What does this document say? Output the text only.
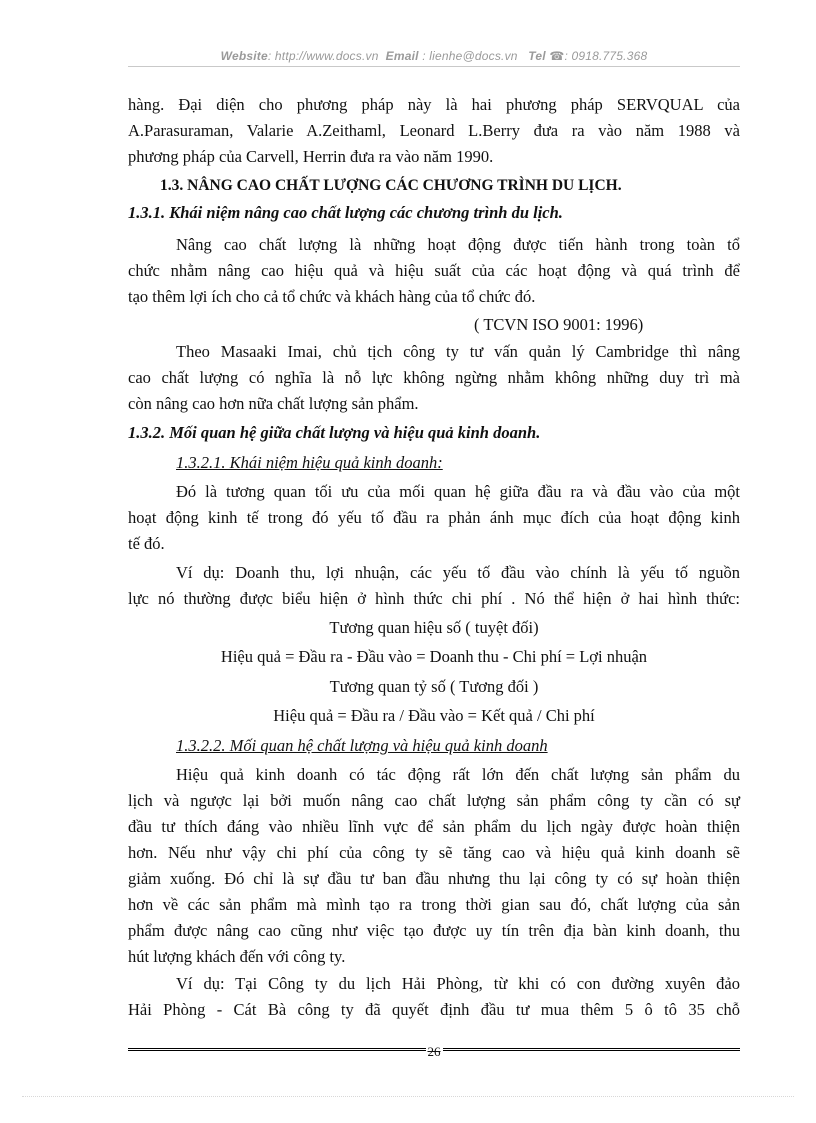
Website: http://www.docs.vn Email : lienhe@docs.vn Tel ☎: 0918.775.368
hàng. Đại diện cho phương pháp này là hai phương pháp SERVQUAL của
A.Parasuraman, Valarie A.Zeithaml, Leonard L.Berry đưa ra vào năm 1988 và
phương pháp của Carvell, Herrin đưa ra vào năm 1990.
1.3. NÂNG CAO CHẤT LƯỢNG CÁC CHƯƠNG TRÌNH DU LỊCH.
1.3.1. Khái niệm nâng cao chất lượng các chương trình du lịch.
Nâng cao chất lượng là những hoạt động được tiến hành trong toàn tổ
chức nhằm nâng cao hiệu quả và hiệu suất của các hoạt động và quá trình để
tạo thêm lợi ích cho cả tổ chức và khách hàng của tổ chức đó.
( TCVN ISO 9001: 1996)
Theo Masaaki Imai, chủ tịch công ty tư vấn quản lý Cambridge thì nâng
cao chất lượng có nghĩa là nỗ lực không ngừng nhằm không những duy trì mà
còn nâng cao hơn nữa chất lượng sản phẩm.
1.3.2. Mối quan hệ giữa chất lượng và hiệu quả kinh doanh.
1.3.2.1. Khái niệm hiệu quả kinh doanh:
Đó là tương quan tối ưu của mối quan hệ giữa đầu ra và đầu vào của một
hoạt động kinh tế trong đó yếu tố đầu ra phản ánh mục đích của hoạt động kinh
tế đó.
Ví dụ: Doanh thu, lợi nhuận, các yếu tố đầu vào chính là yếu tố nguồn
lực nó thường được biểu hiện ở hình thức chi phí . Nó thể hiện ở hai hình thức:
Tương quan hiệu số ( tuyệt đối)
Hiệu quả = Đầu ra - Đầu vào = Doanh thu - Chi phí = Lợi nhuận
Tương quan tỷ số ( Tương đối )
Hiệu quả = Đầu ra / Đầu vào = Kết quả / Chi phí
1.3.2.2. Mối quan hệ chất lượng và hiệu quả kinh doanh
Hiệu quả kinh doanh có tác động rất lớn đến chất lượng sản phẩm du
lịch và ngược lại bởi muốn nâng cao chất lượng sản phẩm công ty cần có sự
đầu tư thích đáng vào nhiều lĩnh vực để sản phẩm du lịch ngày được hoàn thiện
hơn. Nếu như vậy chi phí của công ty sẽ tăng cao và hiệu quả kinh doanh sẽ
giảm xuống. Đó chỉ là sự đầu tư ban đầu nhưng thu lại công ty có sự hoàn thiện
hơn về các sản phẩm mà mình tạo ra trong thời gian sau đó, chất lượng của sản
phẩm được nâng cao cũng như việc tạo được uy tín trên địa bàn kinh doanh, thu
hút lượng khách đến với công ty.
Ví dụ: Tại Công ty du lịch Hải Phòng, từ khi có con đường xuyên đảo
Hải Phòng - Cát Bà công ty đã quyết định đầu tư mua thêm 5 ô tô 35 chỗ
26
